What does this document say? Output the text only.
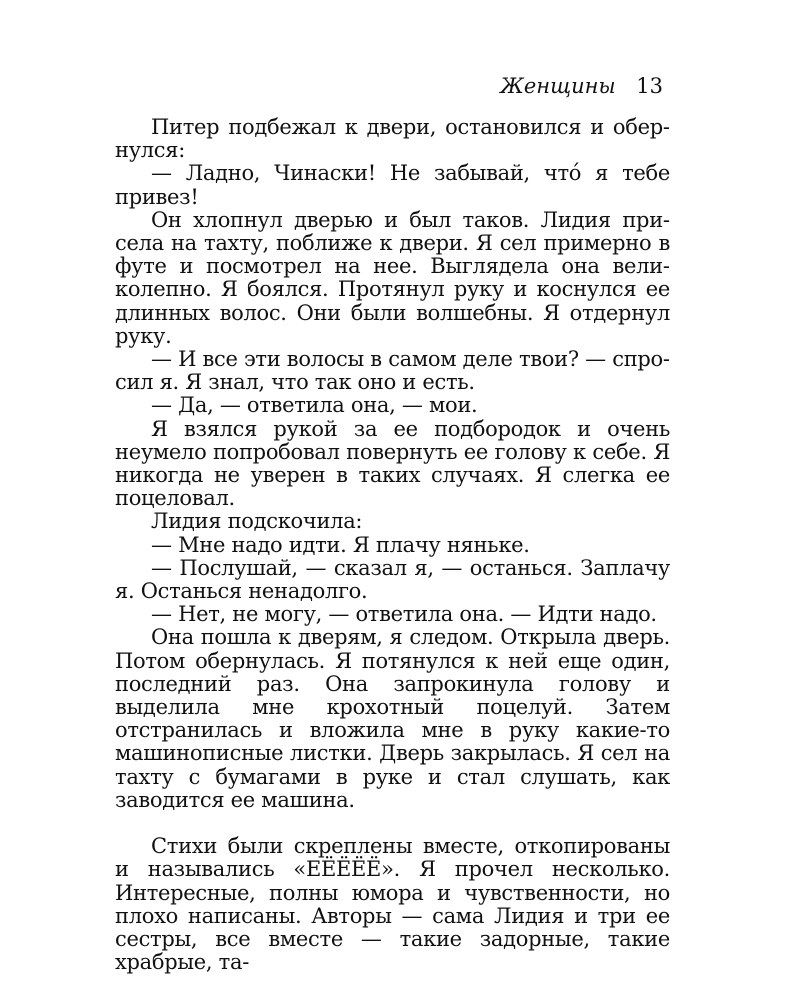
Женщины 13

Питер подбежал к двери, остановился и обернулся:

— Ладно, Чинаски! Не забывай, что́ я тебе привез!

Он хлопнул дверью и был таков. Лидия присела на тахту, поближе к двери. Я сел примерно в футе и посмотрел на нее. Выглядела она великолепно. Я боялся. Протянул руку и коснулся ее длинных волос. Они были волшебны. Я отдернул руку.

— И все эти волосы в самом деле твои? — спросил я. Я знал, что так оно и есть.

— Да, — ответила она, — мои.

Я взялся рукой за ее подбородок и очень неумело попробовал повернуть ее голову к себе. Я никогда не уверен в таких случаях. Я слегка ее поцеловал.

Лидия подскочила:

— Мне надо идти. Я плачу няньке.

— Послушай, — сказал я, — останься. Заплачу я. Останься ненадолго.

— Нет, не могу, — ответила она. — Идти надо.

Она пошла к дверям, я следом. Открыла дверь. Потом обернулась. Я потянулся к ней еще один, последний раз. Она запрокинула голову и выделила мне крохотный поцелуй. Затем отстранилась и вложила мне в руку какие-то машинописные листки. Дверь закрылась. Я сел на тахту с бумагами в руке и стал слушать, как заводится ее машина.

Стихи были скреплены вместе, откопированы и назывались «ЕЁЁЁЁ». Я прочел несколько. Интересные, полны юмора и чувственности, но плохо написаны. Авторы — сама Лидия и три ее сестры, все вместе — такие задорные, такие храбрые, та-
